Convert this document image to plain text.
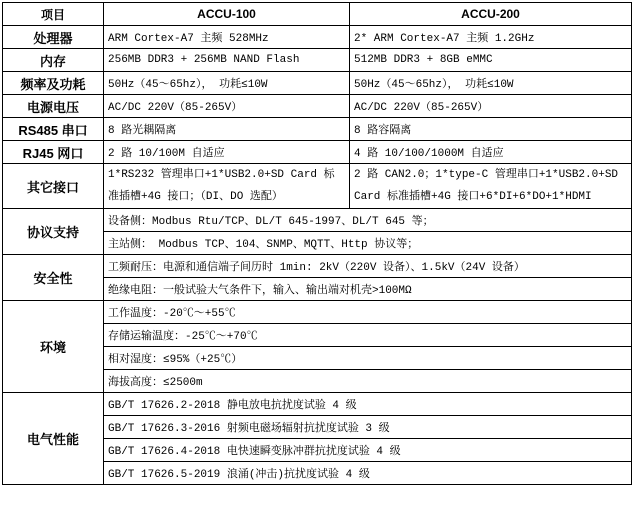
项目	ACCU-100	ACCU-200
处理器	ARM Cortex-A7 主频 528MHz	2* ARM Cortex-A7 主频 1.2GHz
内存	256MB DDR3 + 256MB NAND Flash	512MB DDR3 + 8GB eMMC
频率及功耗	50Hz（45～65hz）， 功耗≤10W	50Hz（45～65hz）， 功耗≤10W
电源电压	AC/DC 220V（85-265V）	AC/DC 220V（85-265V）
RS485 串口	8 路光耦隔离	8 路容隔离
RJ45 网口	2 路 10/100M 自适应	4 路 10/100/1000M 自适应
其它接口	1*RS232 管理串口+1*USB2.0+SD Card 标准插槽+4G 接口；（DI、DO 选配）	2 路 CAN2.0；1*type-C 管理串口+1*USB2.0+SD Card 标准插槽+4G 接口+6*DI+6*DO+1*HDMI
协议支持	设备侧：Modbus Rtu/TCP、DL/T 645-1997、DL/T 645 等；	
	主站侧： Modbus TCP、104、SNMP、MQTT、Http 协议等；	
安全性	工频耐压：电源和通信端子间历时 1min: 2kV（220V 设备）、1.5kV（24V 设备）	
	绝缘电阻：一般试验大气条件下，输入、输出端对机壳>100MΩ	
环境	工作温度：-20℃～+55℃	
	存储运输温度：-25℃～+70℃	
	相对湿度：≤95%（+25℃）	
	海拔高度：≤2500m	
电气性能	GB/T 17626.2-2018 静电放电抗扰度试验 4 级	
	GB/T 17626.3-2016 射频电磁场辐射抗扰度试验 3 级	
	GB/T 17626.4-2018 电快速瞬变脉冲群抗扰度试验 4 级	
	GB/T 17626.5-2019 浪涌(冲击)抗扰度试验 4 级	
